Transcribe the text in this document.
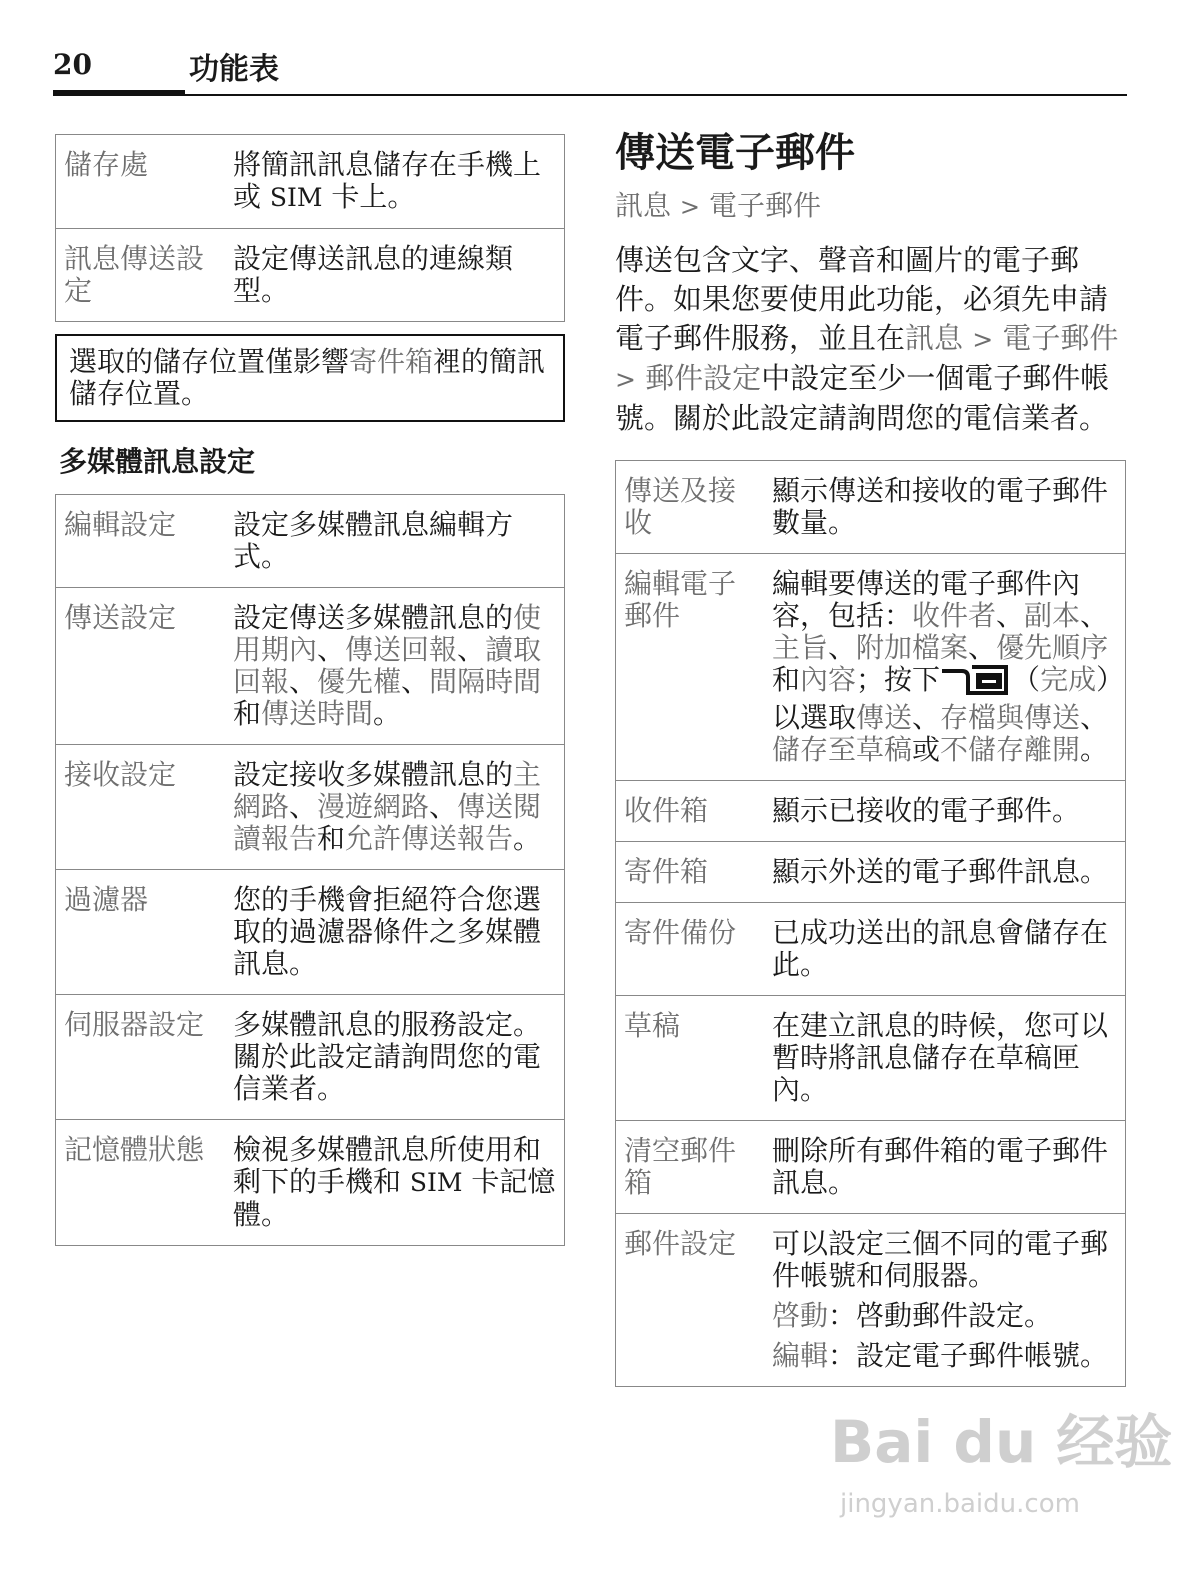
20	功能表
儲存處	將簡訊訊息儲存在手機上或 SIM 卡上。

訊息傳送設定	設定傳送訊息的連線類型。
選取的儲存位置僅影響寄件箱裡的簡訊儲存位置。
多媒體訊息設定
編輯設定	設定多媒體訊息編輯方式。

傳送設定	設定傳送多媒體訊息的使用期內、傳送回報、讀取回報、優先權、間隔時間和傳送時間。

接收設定	設定接收多媒體訊息的主網路、漫遊網路、傳送閱讀報告和允許傳送報告。

過濾器	您的手機會拒絕符合您選取的過濾器條件之多媒體訊息。

伺服器設定	多媒體訊息的服務設定。關於此設定請詢問您的電信業者。

記憶體狀態	檢視多媒體訊息所使用和剩下的手機和 SIM 卡記憶體。
傳送電子郵件
訊息 > 電子郵件
傳送包含文字、聲音和圖片的電子郵件。如果您要使用此功能，必須先申請電子郵件服務，並且在訊息 > 電子郵件 > 郵件設定中設定至少一個電子郵件帳號。關於此設定請詢問您的電信業者。
傳送及接收	顯示傳送和接收的電子郵件數量。

編輯電子郵件	編輯要傳送的電子郵件內容，包括：收件者、副本、主旨、附加檔案、優先順序和內容；按下 （完成）以選取傳送、存檔與傳送、儲存至草稿或不儲存離開。

收件箱	顯示已接收的電子郵件。

寄件箱	顯示外送的電子郵件訊息。

寄件備份	已成功送出的訊息會儲存在此。

草稿	在建立訊息的時候，您可以暫時將訊息儲存在草稿匣內。

清空郵件箱	刪除所有郵件箱的電子郵件訊息。

郵件設定	可以設定三個不同的電子郵件帳號和伺服器。
啓動：啓動郵件設定。
編輯：設定電子郵件帳號。
Bai du 经验
jingyan.baidu.com
